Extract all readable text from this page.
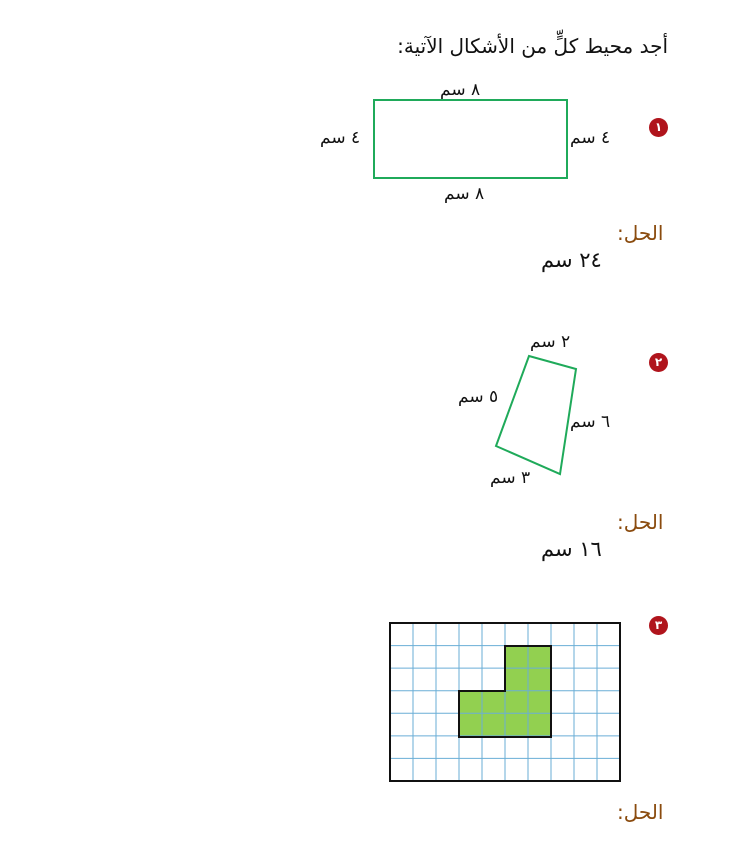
أجد محيط كلٍّ من الأشكال الآتية:
١
٨ سم
٨ سم
٤ سم	٤ سم
الحل:
٢٤ سم
٢
٢ سم
٥ سم
٦ سم
٣ سم
الحل:
١٦ سم
٣
الحل:
